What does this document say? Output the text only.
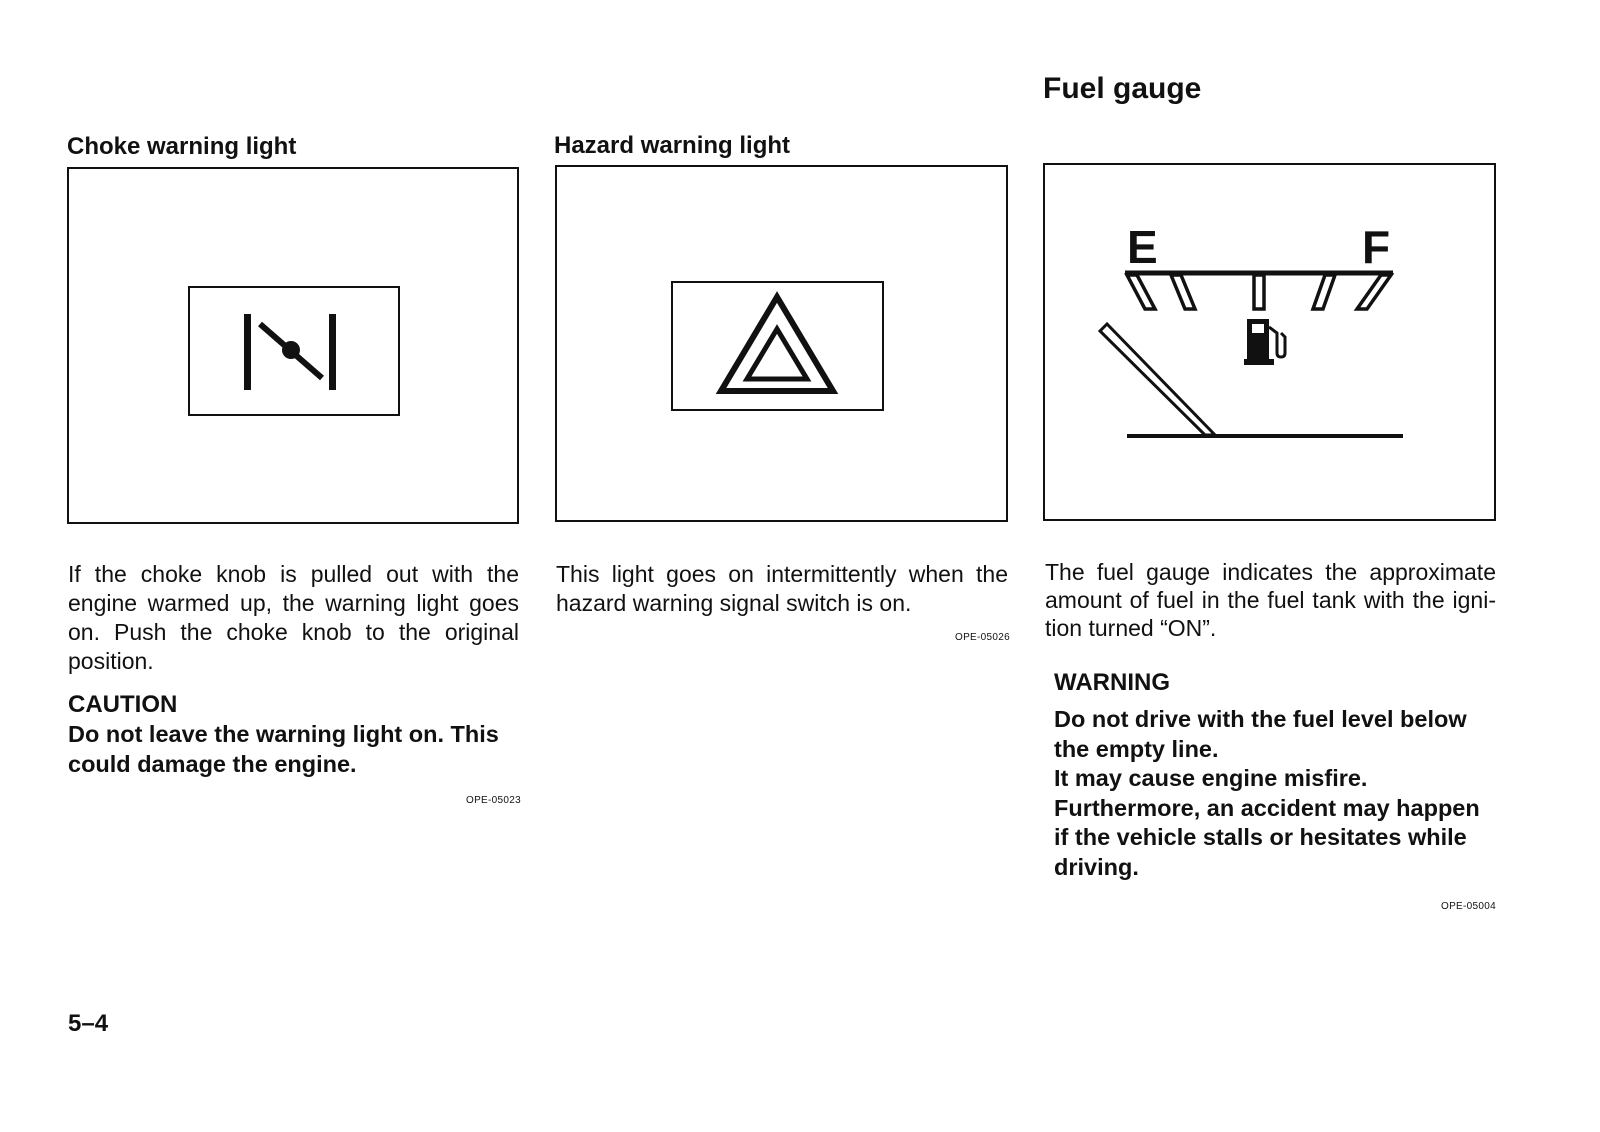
Fuel gauge
Choke warning light
If the choke knob is pulled out with the engine warmed up, the warning light goes on. Push the choke knob to the original position.
CAUTION
Do not leave the warning light on. This could damage the engine.
OPE-05023
Hazard warning light
This light goes on intermittently when the hazard warning signal switch is on.
OPE-05026
E	F
The fuel gauge indicates the approximate amount of fuel in the fuel tank with the igni-tion turned “ON”.
WARNING
Do not drive with the fuel level below the empty line.
It may cause engine misfire.
Furthermore, an accident may happen if the vehicle stalls or hesitates while driving.
OPE-05004
5–4
